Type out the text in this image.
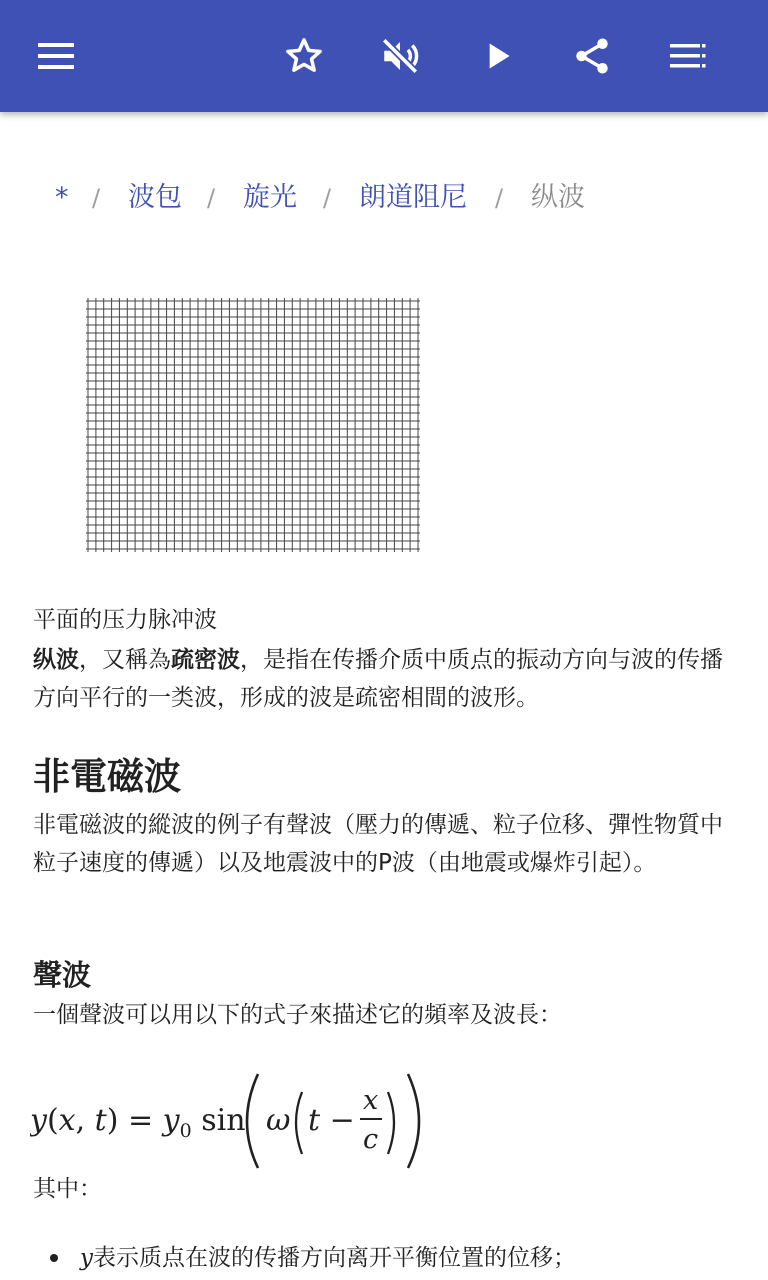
* / 波包 / 旋光 / 朗道阻尼 / 纵波
平面的压力脉冲波
纵波，又稱為疏密波，是指在传播介质中质点的振动方向与波的传播方向平行的一类波，形成的波是疏密相間的波形。
非電磁波
非電磁波的縱波的例子有聲波（壓力的傳遞、粒子位移、彈性物質中粒子速度的傳遞）以及地震波中的P波（由地震或爆炸引起）。
聲波
一個聲波可以用以下的式子來描述它的頻率及波長：
y(x, $t) = y_0$ sin ω t −
x
c
其中：
y表示质点在波的传播方向离开平衡位置的位移；
